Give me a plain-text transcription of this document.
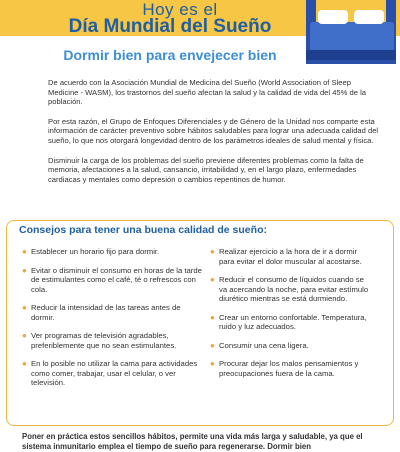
Hoy es el
Día Mundial del Sueño
Dormir bien para envejecer bien

De acuerdo con la Asociación Mundial de Medicina del Sueño (World Association of Sleep Medicine - WASM), los trastornos del sueño afectan la salud y la calidad de vida del 45% de la población.

Por esta razón, el Grupo de Enfoques Diferenciales y de Género de la Unidad nos comparte esta información de carácter preventivo sobre hábitos saludables para lograr una adecuada calidad del sueño, lo que nos otorgará longevidad dentro de los parámetros ideales de salud mental y física.

Disminuir la carga de los problemas del sueño previene diferentes problemas como la falta de memoria, afectaciones a la salud, cansancio, irritabilidad y, en el largo plazo, enfermedades cardiacas y mentales como depresión o cambios repentinos de humor.

Consejos para tener una buena calidad de sueño:
● Establecer un horario fijo para dormir.
● Evitar o disminuir el consumo en horas de la tarde de estimulantes como el café, té o refrescos con cola.
● Reducir la intensidad de las tareas antes de dormir.
● Ver programas de televisión agradables, preferiblemente que no sean estimulantes.
● En lo posible no utilizar la cama para actividades como comer, trabajar, usar el celular, o ver televisión.
● Realizar ejercicio a la hora de ir a dormir para evitar el dolor muscular al acostarse.
● Reducir el consumo de líquidos cuando se va acercando la noche, para evitar estímulo diurético mientras se está durmiendo.
● Crear un entorno confortable. Temperatura, ruido y luz adecuados.
● Consumir una cena ligera.
● Procurar dejar los malos pensamientos y preocupaciones fuera de la cama.
Poner en práctica estos sencillos hábitos, permite una vida más larga y saludable, ya que el sistema inmunitario emplea el tiempo de sueño para regenerarse. Dormir bien
